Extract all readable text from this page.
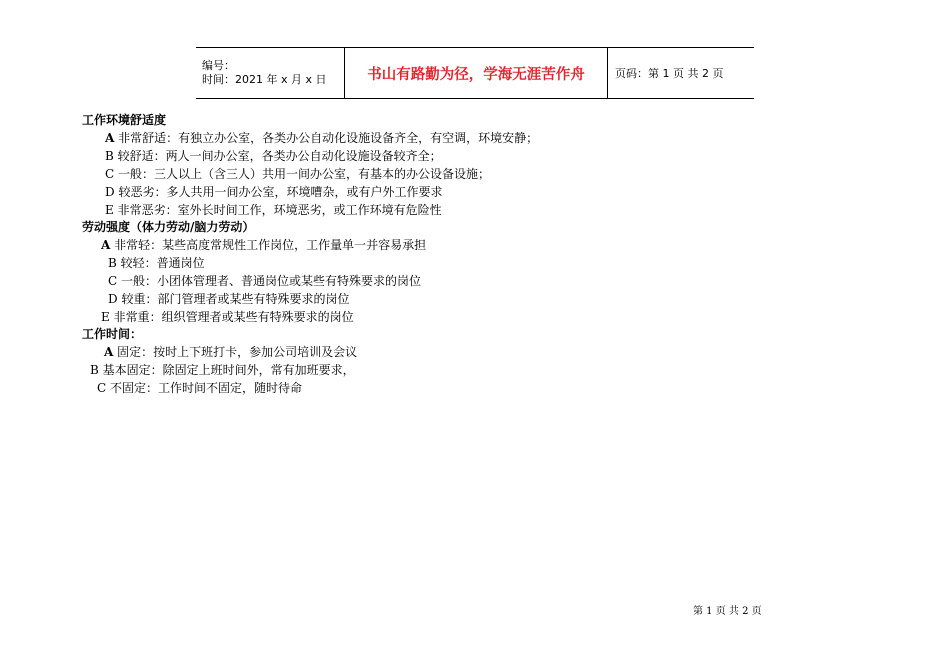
编号：
时间：2021 年 x 月 x 日	书山有路勤为径，学海无涯苦作舟	页码：第 1 页 共 2 页
工作环境舒适度
A 非常舒适：有独立办公室，各类办公自动化设施设备齐全，有空调，环境安静；
B 较舒适：两人一间办公室，各类办公自动化设施设备较齐全；
C 一般：三人以上（含三人）共用一间办公室，有基本的办公设备设施；
D 较恶劣：多人共用一间办公室，环境嘈杂，或有户外工作要求
E 非常恶劣：室外长时间工作，环境恶劣，或工作环境有危险性
劳动强度（体力劳动/脑力劳动）
A 非常轻：某些高度常规性工作岗位，工作量单一并容易承担
B 较轻：普通岗位
C 一般：小团体管理者、普通岗位或某些有特殊要求的岗位
D 较重：部门管理者或某些有特殊要求的岗位
E 非常重：组织管理者或某些有特殊要求的岗位
工作时间：
A 固定：按时上下班打卡，参加公司培训及会议
B 基本固定：除固定上班时间外，常有加班要求，
C 不固定：工作时间不固定，随时待命
第 1 页 共 2 页
